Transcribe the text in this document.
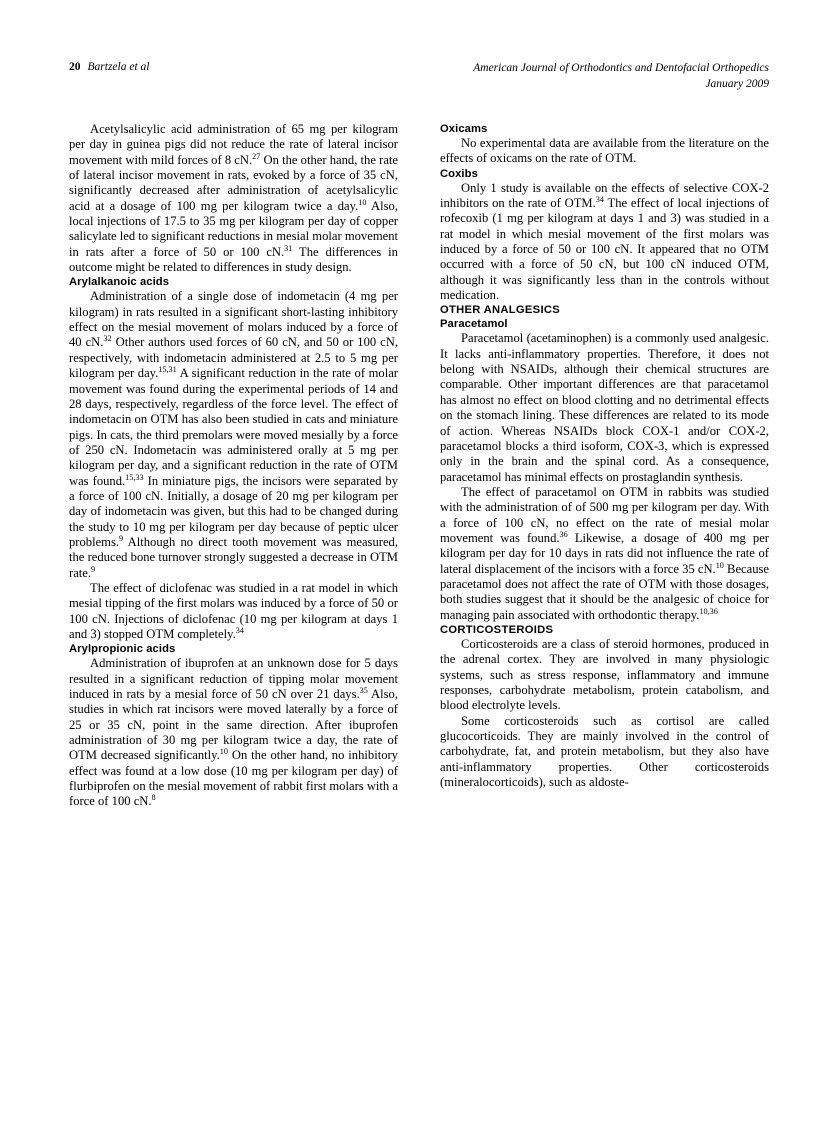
20 Bartzela et al	American Journal of Orthodontics and Dentofacial Orthopedics
January 2009

Acetylsalicylic acid administration of 65 mg per kilogram per day in guinea pigs did not reduce the rate of lateral incisor movement with mild forces of 8 cN.$^{27}$ On the other hand, the rate of lateral incisor movement in rats, evoked by a force of 35 cN, significantly decreased after administration of acetylsalicylic acid at a dosage of 100 mg per kilogram twice a day.$^{10}$ Also, local injections of 17.5 to 35 mg per kilogram per day of copper salicylate led to significant reductions in mesial molar movement in rats after a force of 50 or 100 cN.$^{31}$ The differences in outcome might be related to differences in study design.

Arylalkanoic acids

Administration of a single dose of indometacin (4 mg per kilogram) in rats resulted in a significant short-lasting inhibitory effect on the mesial movement of molars induced by a force of 40 cN.$^{32}$ Other authors used forces of 60 cN, and 50 or 100 cN, respectively, with indometacin administered at 2.5 to 5 mg per kilogram per day.$^{15,31}$ A significant reduction in the rate of molar movement was found during the experimental periods of 14 and 28 days, respectively, regardless of the force level. The effect of indometacin on OTM has also been studied in cats and miniature pigs. In cats, the third premolars were moved mesially by a force of 250 cN. Indometacin was administered orally at 5 mg per kilogram per day, and a significant reduction in the rate of OTM was found.$^{15,33}$ In miniature pigs, the incisors were separated by a force of 100 cN. Initially, a dosage of 20 mg per kilogram per day of indometacin was given, but this had to be changed during the study to 10 mg per kilogram per day because of peptic ulcer problems.$^9$ Although no direct tooth movement was measured, the reduced bone turnover strongly suggested a decrease in OTM rate.$^9$

The effect of diclofenac was studied in a rat model in which mesial tipping of the first molars was induced by a force of 50 or 100 cN. Injections of diclofenac (10 mg per kilogram at days 1 and 3) stopped OTM completely.$^{34}$

Arylpropionic acids

Administration of ibuprofen at an unknown dose for 5 days resulted in a significant reduction of tipping molar movement induced in rats by a mesial force of 50 cN over 21 days.$^{35}$ Also, studies in which rat incisors were moved laterally by a force of 25 or 35 cN, point in the same direction. After ibuprofen administration of 30 mg per kilogram twice a day, the rate of OTM decreased significantly.$^{10}$ On the other hand, no inhibitory effect was found at a low dose (10 mg per kilogram per day) of flurbiprofen on the mesial movement of rabbit first molars with a force of 100 cN.$^8$

Oxicams

No experimental data are available from the literature on the effects of oxicams on the rate of OTM.

Coxibs

Only 1 study is available on the effects of selective COX-2 inhibitors on the rate of OTM.$^{34}$ The effect of local injections of rofecoxib (1 mg per kilogram at days 1 and 3) was studied in a rat model in which mesial movement of the first molars was induced by a force of 50 or 100 cN. It appeared that no OTM occurred with a force of 50 cN, but 100 cN induced OTM, although it was significantly less than in the controls without medication.

OTHER ANALGESICS
Paracetamol

Paracetamol (acetaminophen) is a commonly used analgesic. It lacks anti-inflammatory properties. Therefore, it does not belong with NSAIDs, although their chemical structures are comparable. Other important differences are that paracetamol has almost no effect on blood clotting and no detrimental effects on the stomach lining. These differences are related to its mode of action. Whereas NSAIDs block COX-1 and/or COX-2, paracetamol blocks a third isoform, COX-3, which is expressed only in the brain and the spinal cord. As a consequence, paracetamol has minimal effects on prostaglandin synthesis.

The effect of paracetamol on OTM in rabbits was studied with the administration of of 500 mg per kilogram per day. With a force of 100 cN, no effect on the rate of mesial molar movement was found.$^{36}$ Likewise, a dosage of 400 mg per kilogram per day for 10 days in rats did not influence the rate of lateral displacement of the incisors with a force 35 cN.$^{10}$ Because paracetamol does not affect the rate of OTM with those dosages, both studies suggest that it should be the analgesic of choice for managing pain associated with orthodontic therapy.$^{10,36}$

CORTICOSTEROIDS

Corticosteroids are a class of steroid hormones, produced in the adrenal cortex. They are involved in many physiologic systems, such as stress response, inflammatory and immune responses, carbohydrate metabolism, protein catabolism, and blood electrolyte levels.

Some corticosteroids such as cortisol are called glucocorticoids. They are mainly involved in the control of carbohydrate, fat, and protein metabolism, but they also have anti-inflammatory properties. Other corticosteroids (mineralocorticoids), such as aldoste-
